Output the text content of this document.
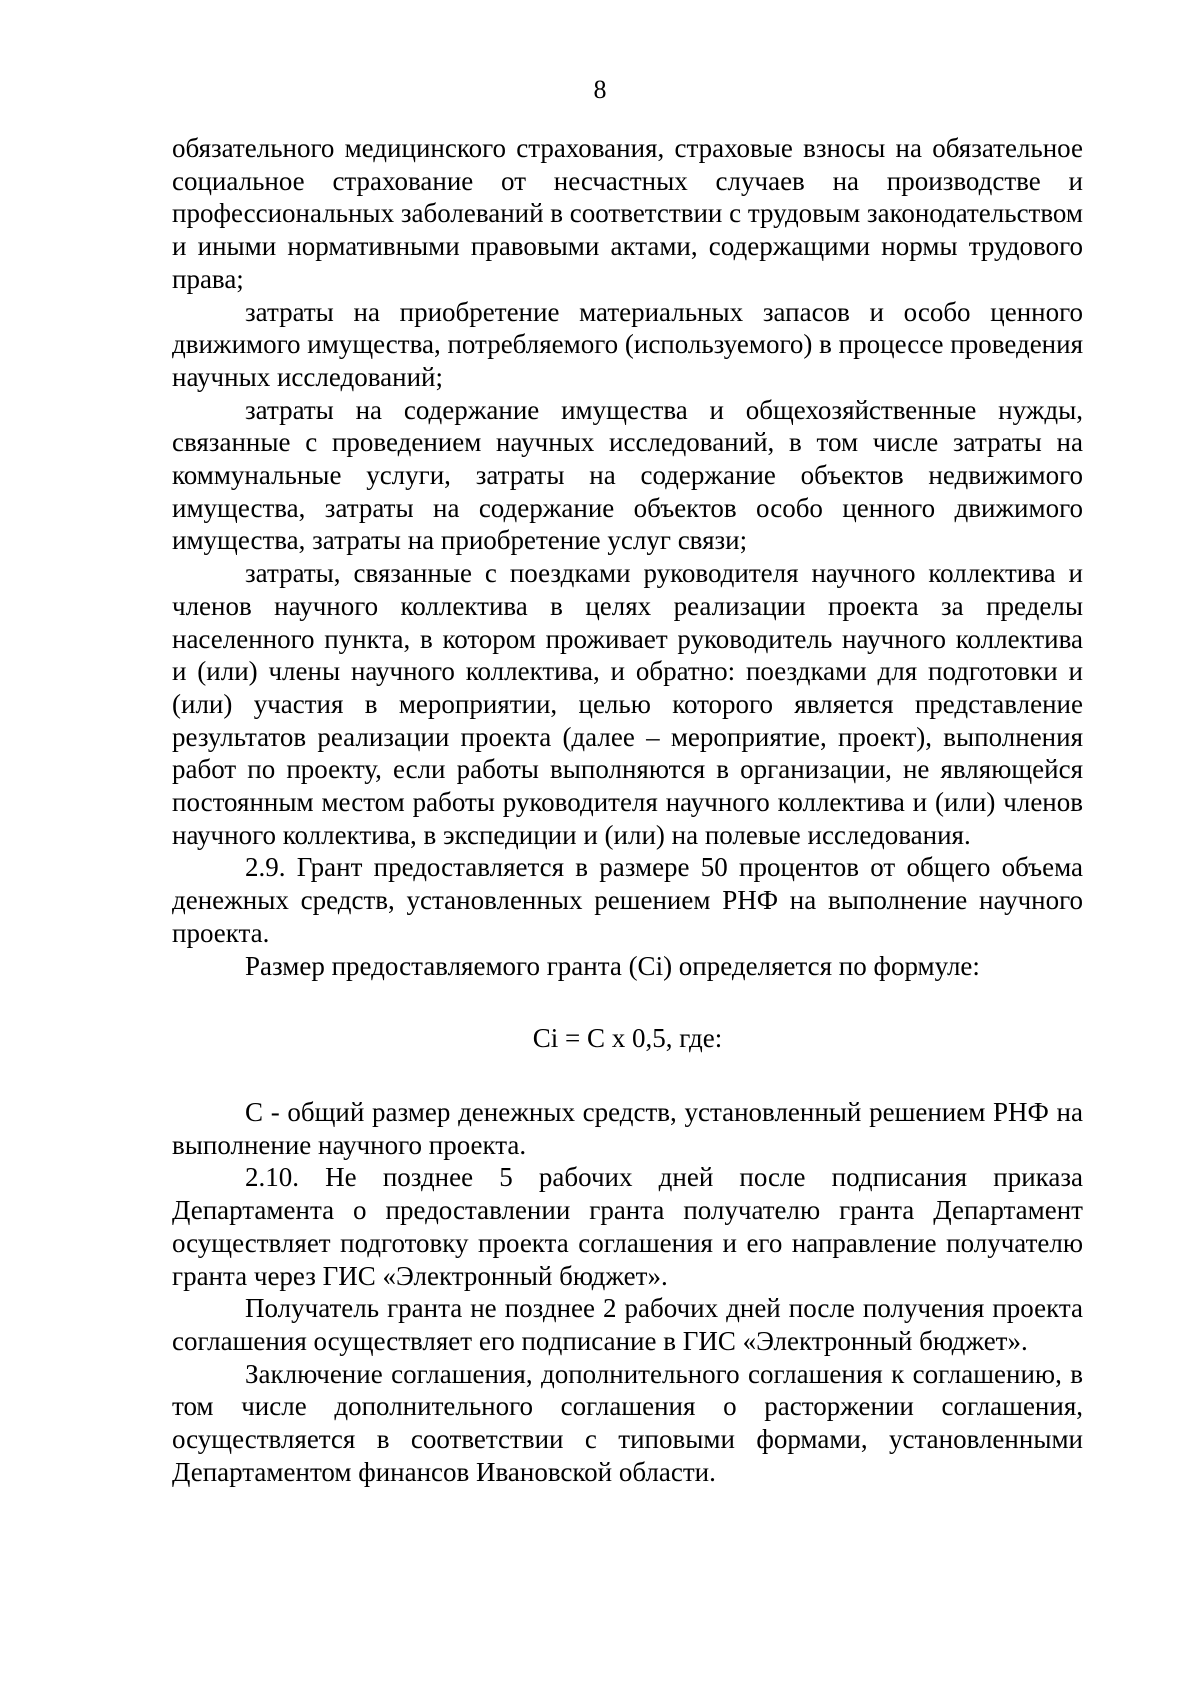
8

обязательного медицинского страхования, страховые взносы на обязательное социальное страхование от несчастных случаев на производстве и профессиональных заболеваний в соответствии с трудовым законодательством и иными нормативными правовыми актами, содержащими нормы трудового права;

затраты на приобретение материальных запасов и особо ценного движимого имущества, потребляемого (используемого) в процессе проведения научных исследований;

затраты на содержание имущества и общехозяйственные нужды, связанные с проведением научных исследований, в том числе затраты на коммунальные услуги, затраты на содержание объектов недвижимого имущества, затраты на содержание объектов особо ценного движимого имущества, затраты на приобретение услуг связи;

затраты, связанные с поездками руководителя научного коллектива и членов научного коллектива в целях реализации проекта за пределы населенного пункта, в котором проживает руководитель научного коллектива и (или) члены научного коллектива, и обратно: поездками для подготовки и (или) участия в мероприятии, целью которого является представление результатов реализации проекта (далее – мероприятие, проект), выполнения работ по проекту, если работы выполняются в организации, не являющейся постоянным местом работы руководителя научного коллектива и (или) членов научного коллектива, в экспедиции и (или) на полевые исследования.

2.9. Грант предоставляется в размере 50 процентов от общего объема денежных средств, установленных решением РНФ на выполнение научного проекта.

Размер предоставляемого гранта (Ci) определяется по формуле:

Ci = C х 0,5, где:

С - общий размер денежных средств, установленный решением РНФ на выполнение научного проекта.

2.10. Не позднее 5 рабочих дней после подписания приказа Департамента о предоставлении гранта получателю гранта Департамент осуществляет подготовку проекта соглашения и его направление получателю гранта через ГИС «Электронный бюджет».

Получатель гранта не позднее 2 рабочих дней после получения проекта соглашения осуществляет его подписание в ГИС «Электронный бюджет».

Заключение соглашения, дополнительного соглашения к соглашению, в том числе дополнительного соглашения о расторжении соглашения, осуществляется в соответствии с типовыми формами, установленными Департаментом финансов Ивановской области.
